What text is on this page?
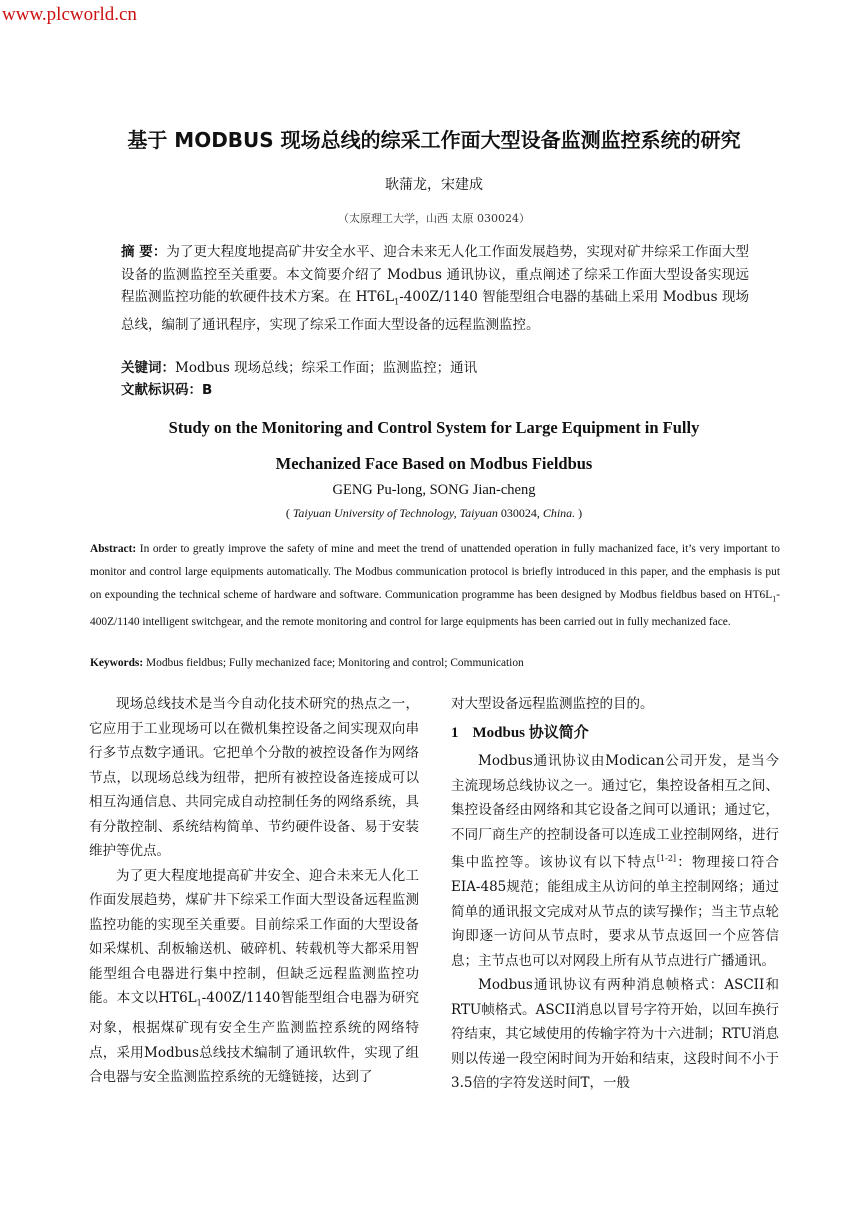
www.plcworld.cn
基于 MODBUS 现场总线的综采工作面大型设备监测监控系统的研究
耿蒲龙，宋建成
（太原理工大学，山西 太原 030024）
摘 要：为了更大程度地提高矿井安全水平、迎合未来无人化工作面发展趋势，实现对矿井综采工作面大型设备的监测监控至关重要。本文简要介绍了 Modbus 通讯协议，重点阐述了综采工作面大型设备实现远程监测监控功能的软硬件技术方案。在 $HT6L_1-400Z/1140$ 智能型组合电器的基础上采用 Modbus 现场总线，编制了通讯程序，实现了综采工作面大型设备的远程监测监控。
关键词：Modbus 现场总线；综采工作面；监测监控；通讯
文献标识码：B
Study on the Monitoring and Control System for Large Equipment in Fully
Mechanized Face Based on Modbus Fieldbus
GENG Pu-long, SONG Jian-cheng
( Taiyuan University of Technology, Taiyuan 030024, China. )
Abstract: In order to greatly improve the safety of mine and meet the trend of unattended operation in fully machanized face, it’s very important to monitor and control large equipments automatically. The Modbus communication protocol is briefly introduced in this paper, and the emphasis is put on expounding the technical scheme of hardware and software. Communication programme has been designed by Modbus fieldbus based on $HT6L_1-400Z/1140$ intelligent switchgear, and the remote monitoring and control for large equipments has been carried out in fully mechanized face.
Keywords: Modbus fieldbus; Fully mechanized face; Monitoring and control; Communication

现场总线技术是当今自动化技术研究的热点之一，它应用于工业现场可以在微机集控设备之间实现双向串行多节点数字通讯。它把单个分散的被控设备作为网络节点，以现场总线为纽带，把所有被控设备连接成可以相互沟通信息、共同完成自动控制任务的网络系统，具有分散控制、系统结构简单、节约硬件设备、易于安装维护等优点。

为了更大程度地提高矿井安全、迎合未来无人化工作面发展趋势，煤矿井下综采工作面大型设备远程监测监控功能的实现至关重要。目前综采工作面的大型设备如采煤机、刮板输送机、破碎机、转载机等大都采用智能型组合电器进行集中控制，但缺乏远程监测监控功能。本文以$HT6L_1-400Z/1140$智能型组合电器为研究对象，根据煤矿现有安全生产监测监控系统的网络特点，采用Modbus总线技术编制了通讯软件，实现了组合电器与安全监测监控系统的无缝链接，达到了

对大型设备远程监测监控的目的。

1 Modbus 协议简介

Modbus通讯协议由Modican公司开发，是当今主流现场总线协议之一。通过它，集控设备相互之间、集控设备经由网络和其它设备之间可以通讯；通过它，不同厂商生产的控制设备可以连成工业控制网络，进行集中监控等。该协议有以下特点[1-2]：物理接口符合EIA-485规范；能组成主从访问的单主控制网络；通过简单的通讯报文完成对从节点的读写操作；当主节点轮询即逐一访问从节点时，要求从节点返回一个应答信息；主节点也可以对网段上所有从节点进行广播通讯。

Modbus通讯协议有两种消息帧格式：ASCII和RTU帧格式。ASCII消息以冒号字符开始，以回车换行符结束，其它域使用的传输字符为十六进制；RTU消息则以传递一段空闲时间为开始和结束，这段时间不小于3.5倍的字符发送时间T，一般
